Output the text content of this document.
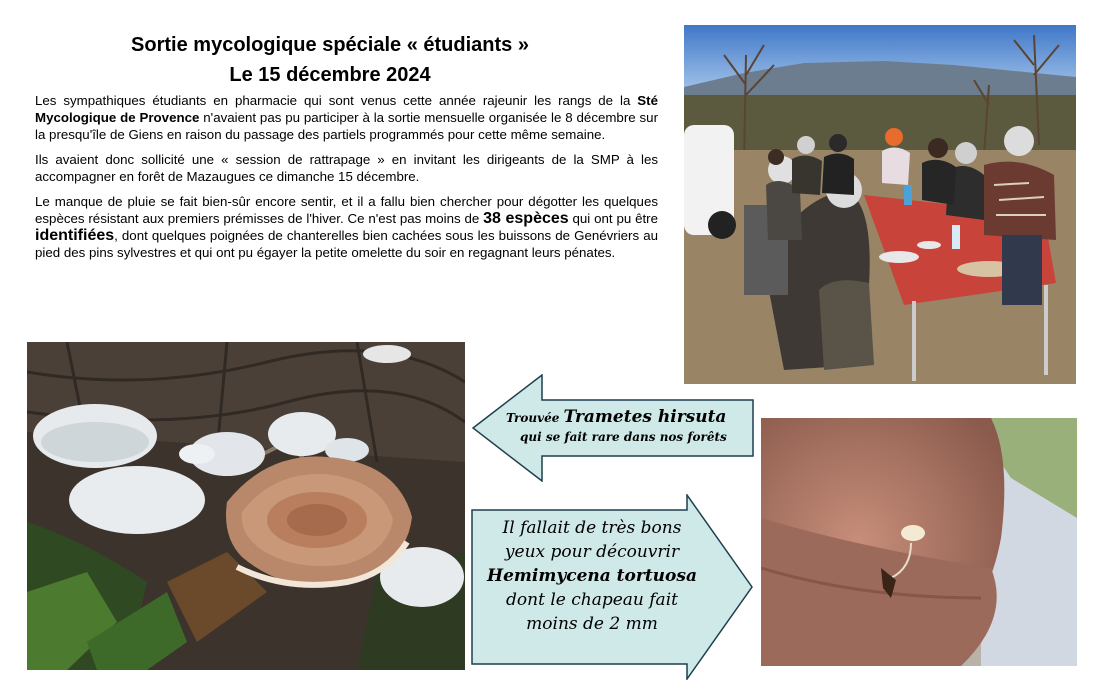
Sortie mycologique spéciale « étudiants »
Le 15 décembre 2024

Les sympathiques étudiants en pharmacie qui sont venus cette année rajeunir les rangs de la Sté Mycologique de Provence n'avaient pas pu participer à la sortie mensuelle organisée le 8 décembre sur la presqu'île de Giens en raison du passage des partiels programmés pour cette même semaine.

Ils avaient donc sollicité une « session de rattrapage » en invitant les dirigeants de la SMP à les accompagner en forêt de Mazaugues ce dimanche 15 décembre.

Le manque de pluie se fait bien-sûr encore sentir, et il a fallu bien chercher pour dégotter les quelques espèces résistant aux premiers prémisses de l'hiver. Ce n'est pas moins de 38 espèces qui ont pu être identifiées, dont quelques poignées de chanterelles bien cachées sous les buissons de Genévriers au pied des pins sylvestres et qui ont pu égayer la petite omelette du soir en regagnant leurs pénates.

Trouvée Trametes hirsuta
qui se fait rare dans nos forêts
Il fallait de très bons
yeux pour découvrir
Hemimycena tortuosa
dont le chapeau fait
moins de 2 mm
